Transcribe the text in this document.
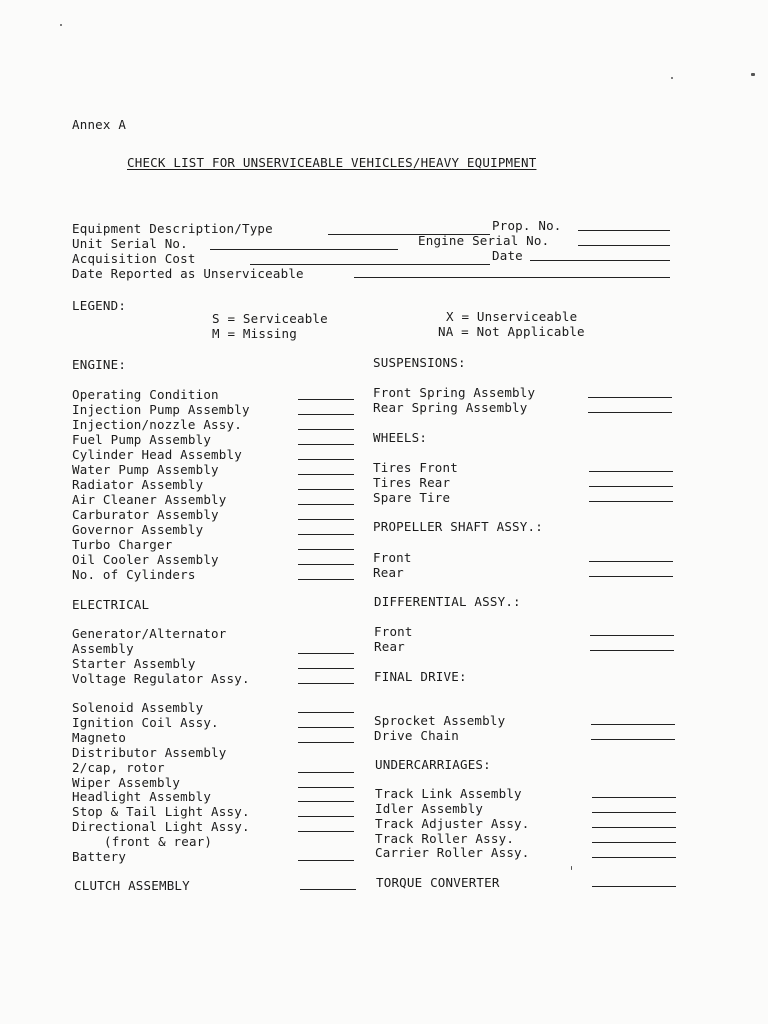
Annex A
CHECK LIST FOR UNSERVICEABLE VEHICLES/HEAVY EQUIPMENT
Equipment Description/Type	Prop. No.
Unit Serial No.	Engine Serial No.
Acquisition Cost	Date
Date Reported as Unserviceable
LEGEND:
S = Serviceable
M = Missing
X = Unserviceable
NA = Not Applicable
ENGINE:
Operating Condition
Injection Pump Assembly
Injection/nozzle Assy.
Fuel Pump Assembly
Cylinder Head Assembly
Water Pump Assembly
Radiator Assembly
Air Cleaner Assembly
Carburator Assembly
Governor Assembly
Turbo Charger
Oil Cooler Assembly
No. of Cylinders
ELECTRICAL
Generator/Alternator
Assembly
Starter Assembly
Voltage Regulator Assy.
Solenoid Assembly
Ignition Coil Assy.
Magneto
Distributor Assembly
2/cap, rotor
Wiper Assembly
Headlight Assembly
Stop & Tail Light Assy.
Directional Light Assy.
(front & rear)
Battery
CLUTCH ASSEMBLY
SUSPENSIONS:
Front Spring Assembly
Rear Spring Assembly
WHEELS:
Tires Front
Tires Rear
Spare Tire
PROPELLER SHAFT ASSY.:
Front
Rear
DIFFERENTIAL ASSY.:
Front
Rear
FINAL DRIVE:
Sprocket Assembly
Drive Chain
UNDERCARRIAGES:
Track Link Assembly
Idler Assembly
Track Adjuster Assy.
Track Roller Assy.
Carrier Roller Assy.
TORQUE CONVERTER
